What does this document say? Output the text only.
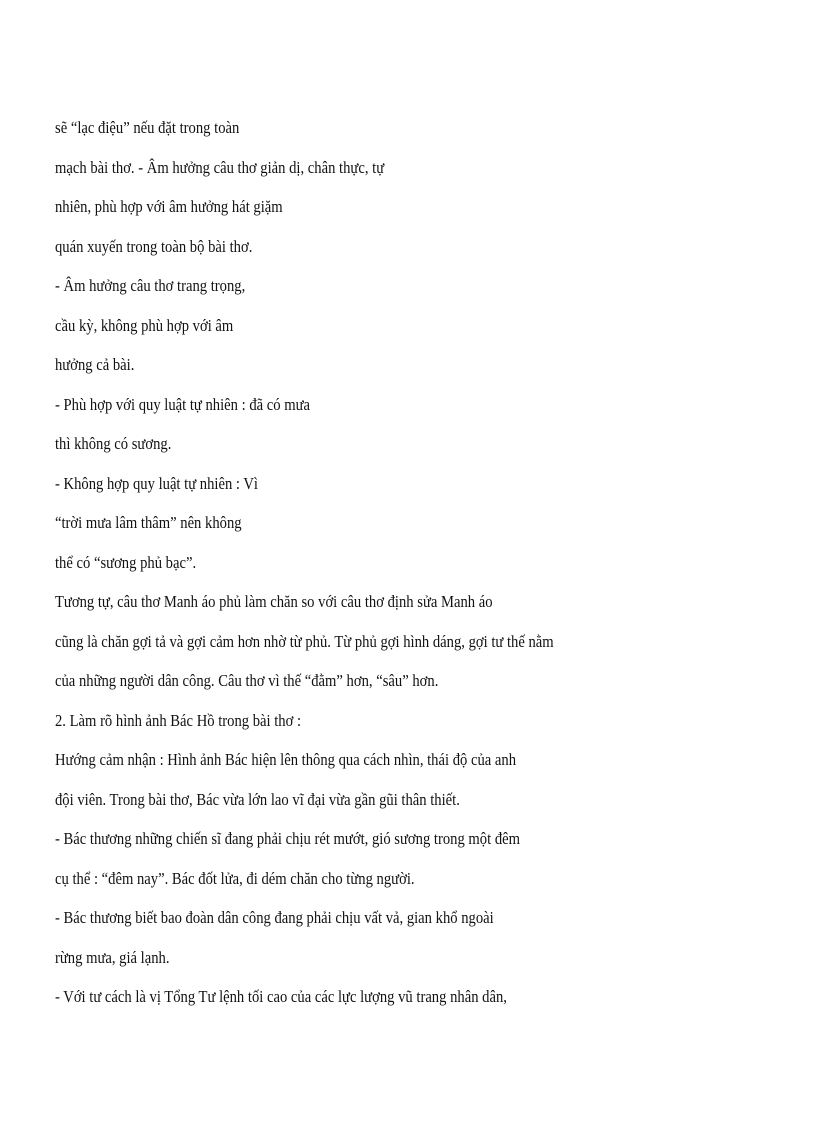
sẽ “lạc điệu” nếu đặt trong toàn
mạch bài thơ. - Âm hưởng câu thơ giản dị, chân thực, tự
nhiên, phù hợp với âm hưởng hát giặm
quán xuyến trong toàn bộ bài thơ.
- Âm hưởng câu thơ trang trọng,
cầu kỳ, không phù hợp với âm
hưởng cả bài.
- Phù hợp với quy luật tự nhiên : đã có mưa
thì không có sương.
- Không hợp quy luật tự nhiên : Vì
“trời mưa lâm thâm” nên không
thể có “sương phủ bạc”.
Tương tự, câu thơ Manh áo phủ làm chăn so với câu thơ định sửa Manh áo
cũng là chăn gợi tả và gợi cảm hơn nhờ từ phủ. Từ phủ gợi hình dáng, gợi tư thế nằm
của những người dân công. Câu thơ vì thế “đằm” hơn, “sâu” hơn.
2. Làm rõ hình ảnh Bác Hồ trong bài thơ :
Hướng cảm nhận : Hình ảnh Bác hiện lên thông qua cách nhìn, thái độ của anh
đội viên. Trong bài thơ, Bác vừa lớn lao vĩ đại vừa gần gũi thân thiết.
- Bác thương những chiến sĩ đang phải chịu rét mướt, gió sương trong một đêm
cụ thể : “đêm nay”. Bác đốt lửa, đi dém chăn cho từng người.
- Bác thương biết bao đoàn dân công đang phải chịu vất vả, gian khổ ngoài
rừng mưa, giá lạnh.
- Với tư cách là vị Tổng Tư lệnh tối cao của các lực lượng vũ trang nhân dân,
